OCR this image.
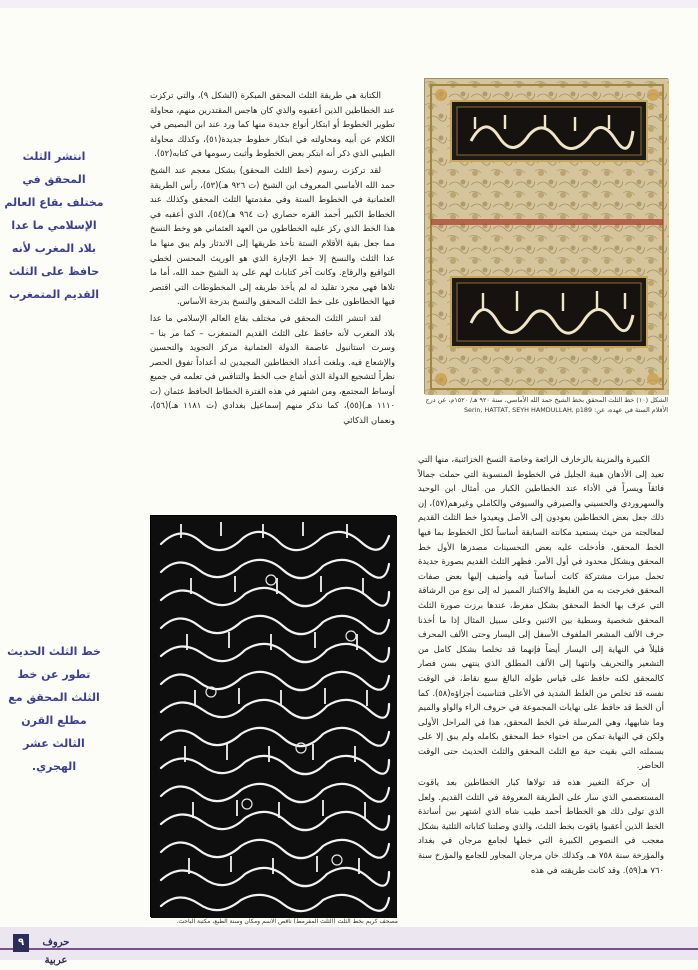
انتشر الثلث المحقق في مختلف بقاع العالم الإسلامي ما عدا بلاد المغرب لأنه حافظ على الثلث القديم المتمغرب
خط الثلث الحديث تطور عن خط الثلث المحقق مع مطلع القرن الثالث عشر الهجري.

الكتابة هي طريقة الثلث المحقق المبكرة (الشكل ٩)، والتي تركزت عند الخطاطين الذين أعقبوه والذي كان هاجس المقتدرين منهم، محاولة تطوير الخطوط أو ابتكار أنواع جديدة منها كما ورد عند ابن البصيص في الكلام عن أبيه ومحاولته في ابتكار خطوط جديدة(٥١)، وكذلك محاولة الطيبي الذي ذكر أنه ابتكر بعض الخطوط وأثبت رسومها في كتابه(٥٢).

لقد تركزت رسوم (خط الثلث المحقق) بشكل معجم عند الشيخ حمد الله الأماسي المعروف ابن الشيخ (ت ٩٢٦ هـ)(٥٣)، رأس الطريقة العثمانية في الخطوط الستة وفي مقدمتها الثلث المحقق وكذلك عند الخطاط الكبير أحمد القره حصاري (ت ٩٦٤ هـ)(٥٤)، الذي أعقبه في هذا الخط الذي ركز عليه الخطاطون من العهد العثماني هو وخط النسخ مما جعل بقية الأقلام الستة تأخذ طريقها إلى الاندثار ولم يبق منها ما عدا الثلث والنسخ إلا خط الإجازة الذي هو الوريث المحسن لخطي التواقيع والرقاع. وكانت آخر كتابات لهم على يد الشيخ حمد الله، أما ما تلاها فهي مجرد تقليد له لم يأخذ طريقه إلى المخطوطات التي اقتصر فيها الخطاطون على خط الثلث المحقق والنسخ بدرجة الأساس.

لقد انتشر الثلث المحقق في مختلف بقاع العالم الإسلامي ما عدا بلاد المغرب لأنه حافظ على الثلث القديم المتمغرب – كما مر بنا – وسرت استانبول عاصمة الدولة العثمانية مركز التجويد والتحسين والإشعاع فيه. وبلغت أعداد الخطاطين المجيدين له أعداداً تفوق الحصر نظراً لتشجيع الدولة الذي أشاع حب الخط والتنافس في تعلمه في جميع أوساط المجتمع، ومن اشتهر في هذه الفترة الخطاط الحافظ عثمان (ت ١١١٠ هـ)(٥٥)، كما نذكر منهم إسماعيل بغدادي (ت ١١٨١ هـ)(٥٦)، ونعمان الذكائي

الشكل (١٠) خط الثلث المحقق بخط الشيخ حمد الله الأماسي، سنة ٩٢٠ هـ/ ١٥٢٠م، عن درج الأقلام الستة في عهده، عن: Serin, HATTAT, SEYH HAMDULLAH, p189

الكبيرة والمزينة بالزخارف الرائعة وخاصة النسخ الخزائنية، منها التي تعيد إلى الأذهان هيبة الجليل في الخطوط المنسوبة التي حملت جمالاً فائقاً ويسراً في الأداء عند الخطاطين الكبار من أمثال ابن الوحيد والسهروردي والحسيني والصيرفي والسيوفي والكاملي وغيرهم(٥٧)، إن ذلك جعل بعض الخطاطين يعودون إلى الأصل ويعيدوا خط الثلث القديم لمعالجته من حيث يستعيد مكانته السابقة أساساً لكل الخطوط بما فيها الخط المحقق، فأدخلت عليه بعض التحسينات مصدرها الأول خط المحقق وبشكل محدود في أول الأمر. فظهر الثلث القديم بصورة جديدة تحمل ميزات مشتركة كانت أساساً فيه وأضيف إليها بعض صفات المحقق فخرجت به من الغليظ والاكتناز المميز له إلى نوع من الرشاقة التي عرف بها الخط المحقق بشكل مفرط، عندها برزت صورة الثلث المحقق شخصية وسطية بين الاثنين وعلى سبيل المثال إذا ما أخذنا حرف الألف المشعر الملفوف الأسفل إلى اليسار وحتى الألف المحرف قليلاً في النهاية إلى اليسار أيضاً فإنهما قد تخلصا بشكل كامل من التشعير والتحريف وانتهيا إلى الألف المطلق الذي ينتهي بسن فصار كالمحقق لكنه حافظ على قياس طوله البالغ سبع نقاط، في الوقت نفسه قد تخلص من الغلظ الشديد في الأعلى فتناسبت أجزاؤه(٥٨). كما أن الخط قد حافظ على نهايات المجموعة في حروف الراء والواو والميم وما شابهها، وهي المرسلة في الخط المحقق، هذا في المراحل الأولى ولكن في النهاية تمكن من احتواء خط المحقق بكامله ولم يبق إلا على بسملته التي بقيت حية مع الثلث المحقق والثلث الحديث حتى الوقت الحاضر.

إن حركة التغيير هذه قد تولاها كبار الخطاطين بعد ياقوت المستعصمي الذي سار على الطريقة المعروفة في الثلث القديم. ولعل الذي تولى ذلك هو الخطاط أحمد طيب شاه الذي اشتهر بين أساتذة الخط الذين أعقبوا ياقوت بخط الثلث، والذي وصلتنا كتاباته الثلثية بشكل معجب في النصوص الكبيرة التي خطها لجامع مرجان في بغداد والمؤرخة سنة ٧٥٨ هـ، وكذلك خان مرجان المجاور للجامع والمؤرخ سنة ٧٦٠ هـ(٥٩). وقد كانت طريقته في هذه

مصحف كريم بخط الثلث (الثلث المفرمط) ناقص الاسم ومكان وسنة الطبع، مكتبة الباحث.
٩	حروف عربية
